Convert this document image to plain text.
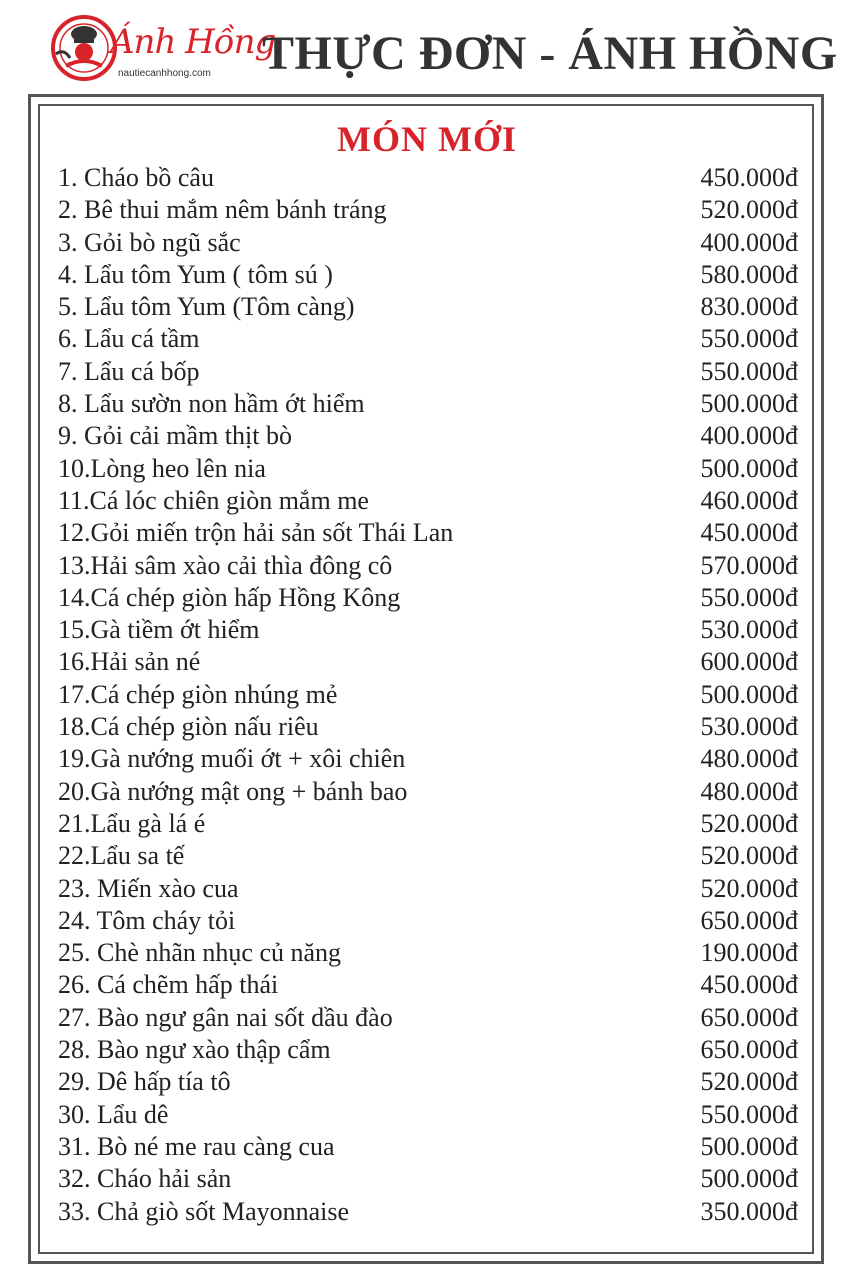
Ánh Hồng
nautiecanhhong.com THỰC ĐƠN - ÁNH HỒNG
MÓN MỚI
1. Cháo bồ câu	450.000đ
2. Bê thui mắm nêm bánh tráng	520.000đ
3. Gỏi bò ngũ sắc	400.000đ
4. Lẩu tôm Yum ( tôm sú )	580.000đ
5. Lẩu tôm Yum (Tôm càng)	830.000đ
6. Lẩu cá tầm	550.000đ
7. Lẩu cá bốp	550.000đ
8. Lẩu sườn non hầm ớt hiểm	500.000đ
9. Gỏi cải mầm thịt bò	400.000đ
10.Lòng heo lên nia	500.000đ
11.Cá lóc chiên giòn mắm me	460.000đ
12.Gỏi miến trộn hải sản sốt Thái Lan	450.000đ
13.Hải sâm xào cải thìa đông cô	570.000đ
14.Cá chép giòn hấp Hồng Kông	550.000đ
15.Gà tiềm ớt hiểm	530.000đ
16.Hải sản né	600.000đ
17.Cá chép giòn nhúng mẻ	500.000đ
18.Cá chép giòn nấu riêu	530.000đ
19.Gà nướng muối ớt + xôi chiên	480.000đ
20.Gà nướng mật ong + bánh bao	480.000đ
21.Lẩu gà lá é	520.000đ
22.Lẩu sa tế	520.000đ
23. Miến xào cua	520.000đ
24. Tôm cháy tỏi	650.000đ
25. Chè nhãn nhục củ năng	190.000đ
26. Cá chẽm hấp thái	450.000đ
27. Bào ngư gân nai sốt dầu đào	650.000đ
28. Bào ngư xào thập cẩm	650.000đ
29. Dê hấp tía tô	520.000đ
30. Lẩu dê	550.000đ
31. Bò né me rau càng cua	500.000đ
32. Cháo hải sản	500.000đ
33. Chả giò sốt Mayonnaise	350.000đ
